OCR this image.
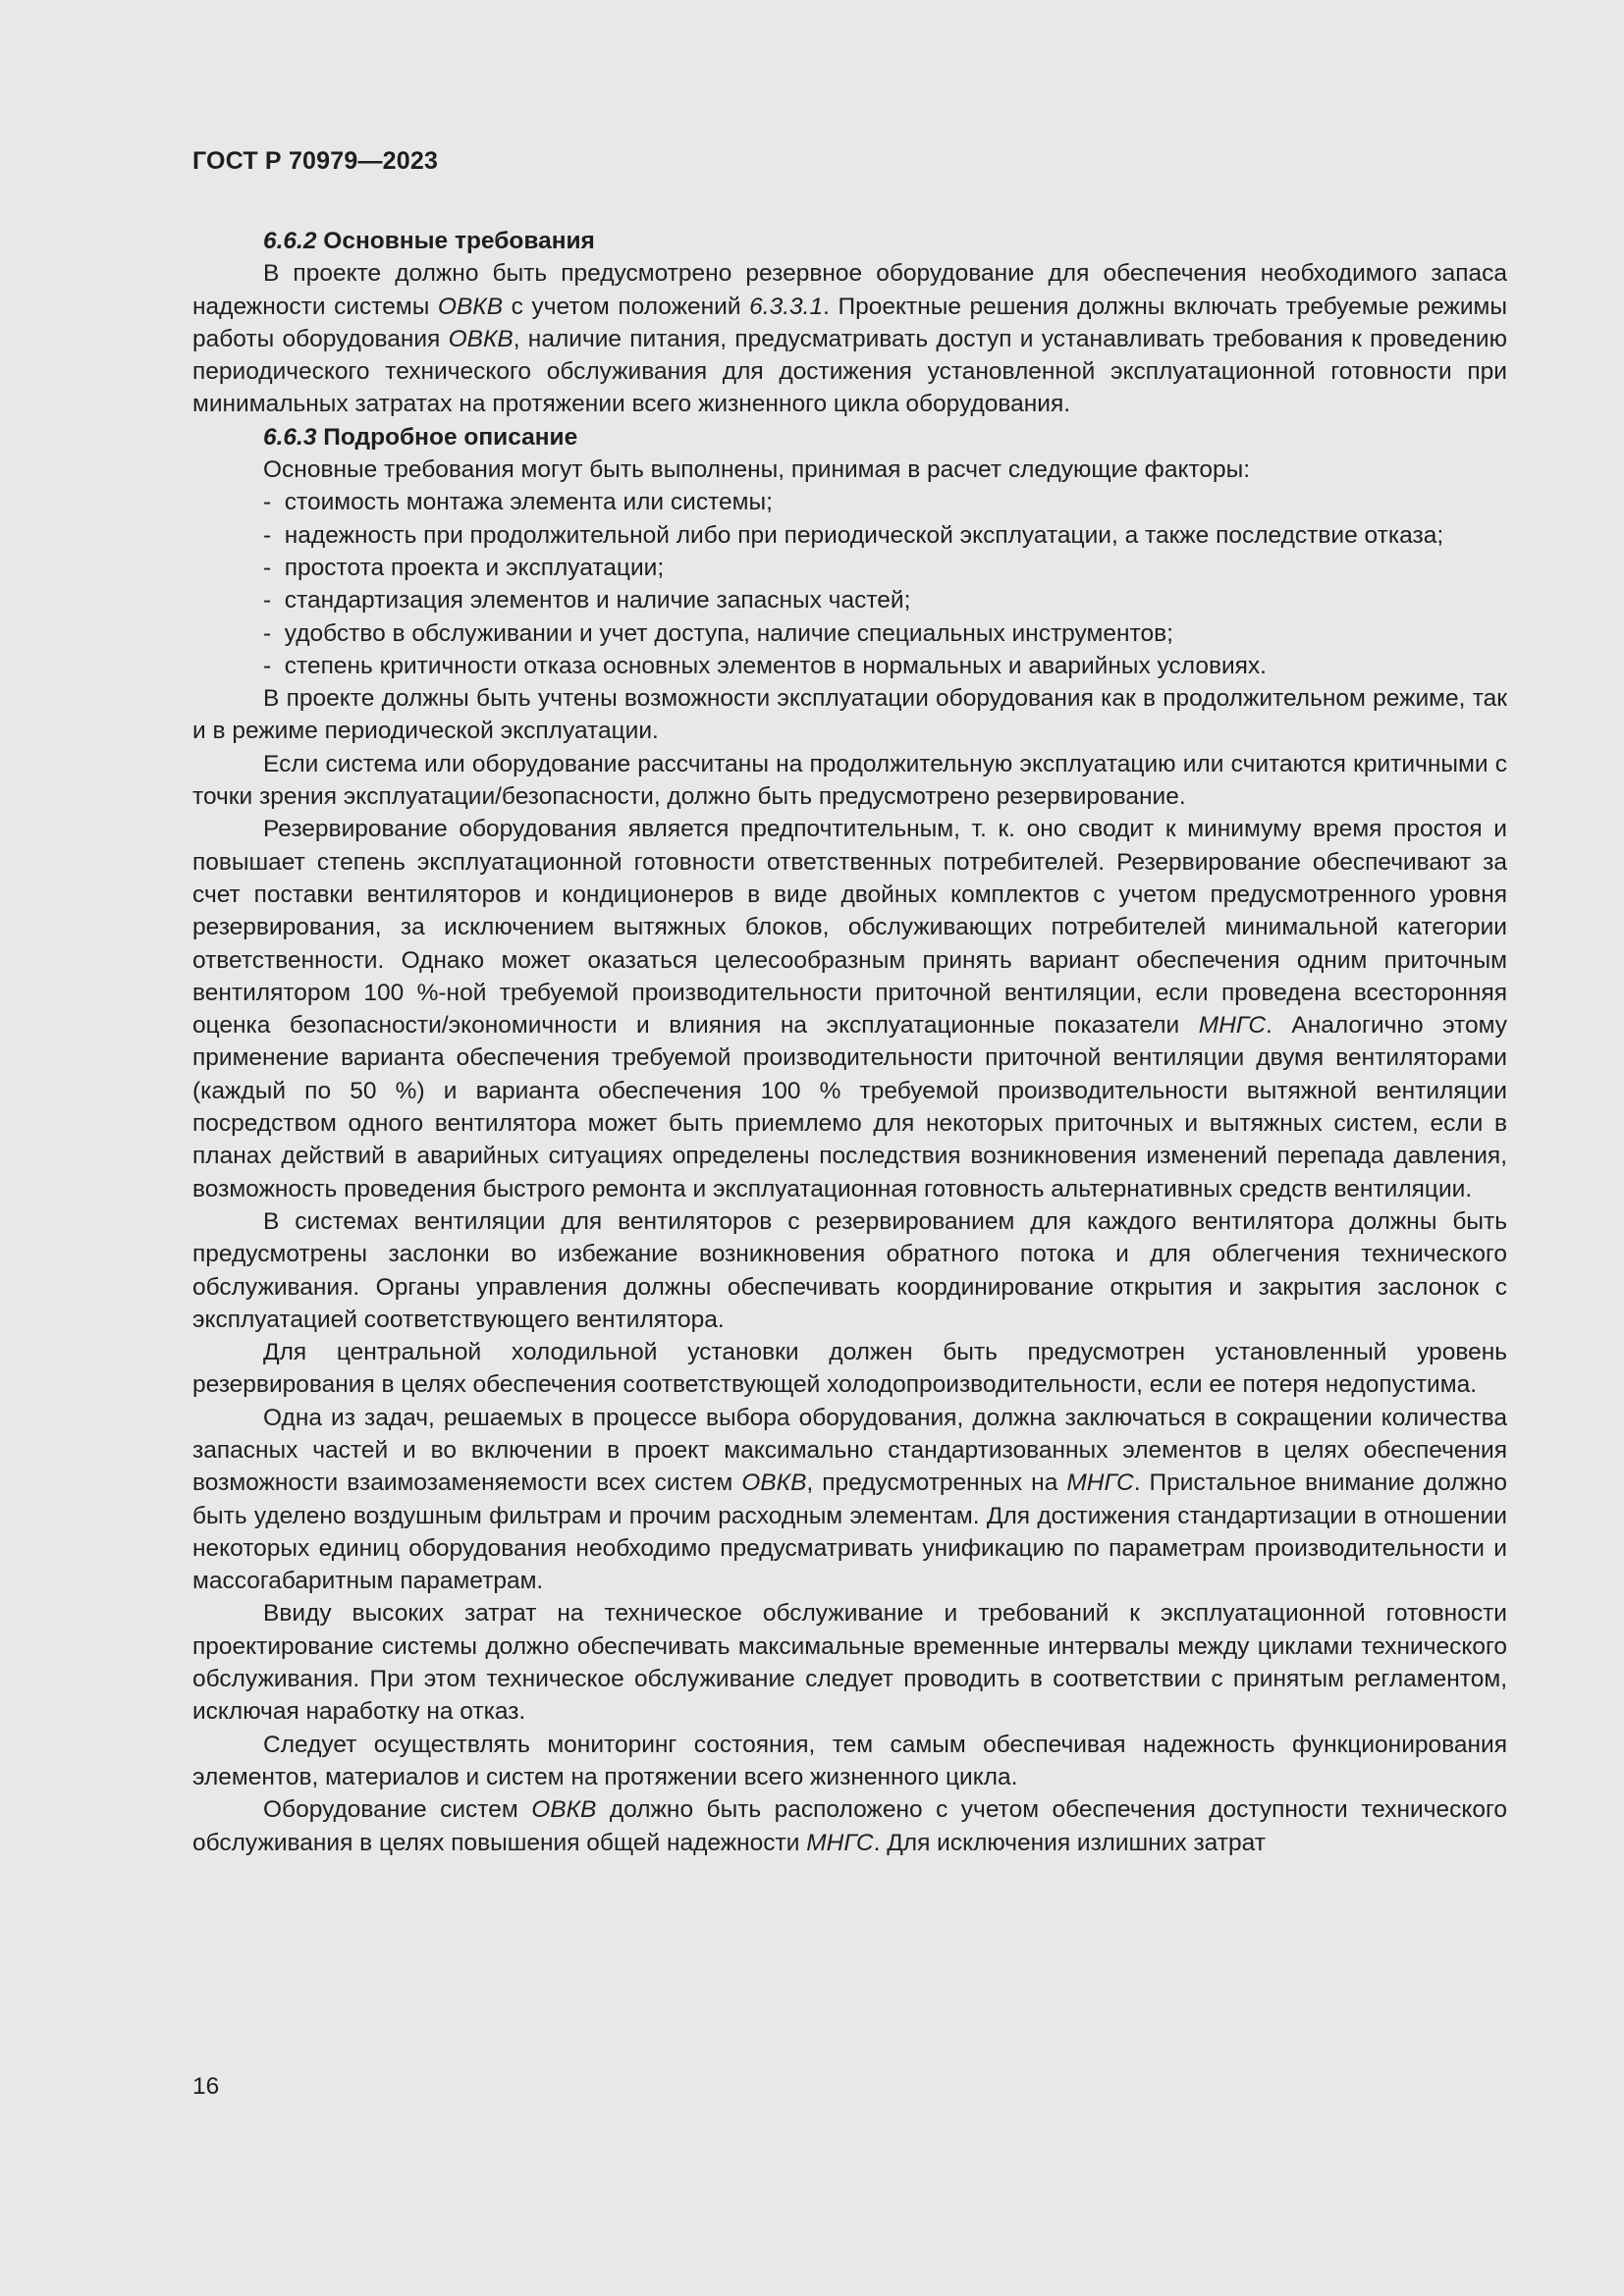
ГОСТ Р 70979—2023

6.6.2 Основные требования

В проекте должно быть предусмотрено резервное оборудование для обеспечения необходимого запаса надежности системы ОВКВ с учетом положений 6.3.3.1. Проектные решения должны включать требуемые режимы работы оборудования ОВКВ, наличие питания, предусматривать доступ и устанавливать требования к проведению периодического технического обслуживания для достижения установленной эксплуатационной готовности при минимальных затратах на протяжении всего жизненного цикла оборудования.

6.6.3 Подробное описание

Основные требования могут быть выполнены, принимая в расчет следующие факторы:

-  стоимость монтажа элемента или системы;
-  надежность при продолжительной либо при периодической эксплуатации, а также последствие отказа;
-  простота проекта и эксплуатации;
-  стандартизация элементов и наличие запасных частей;
-  удобство в обслуживании и учет доступа, наличие специальных инструментов;
-  степень критичности отказа основных элементов в нормальных и аварийных условиях.

В проекте должны быть учтены возможности эксплуатации оборудования как в продолжительном режиме, так и в режиме периодической эксплуатации.

Если система или оборудование рассчитаны на продолжительную эксплуатацию или считаются критичными с точки зрения эксплуатации/безопасности, должно быть предусмотрено резервирование.

Резервирование оборудования является предпочтительным, т. к. оно сводит к минимуму время простоя и повышает степень эксплуатационной готовности ответственных потребителей. Резервирование обеспечивают за счет поставки вентиляторов и кондиционеров в виде двойных комплектов с учетом предусмотренного уровня резервирования, за исключением вытяжных блоков, обслуживающих потребителей минимальной категории ответственности. Однако может оказаться целесообразным принять вариант обеспечения одним приточным вентилятором 100 %-ной требуемой производительности приточной вентиляции, если проведена всесторонняя оценка безопасности/экономичности и влияния на эксплуатационные показатели МНГС. Аналогично этому применение варианта обеспечения требуемой производительности приточной вентиляции двумя вентиляторами (каждый по 50 %) и варианта обеспечения 100 % требуемой производительности вытяжной вентиляции посредством одного вентилятора может быть приемлемо для некоторых приточных и вытяжных систем, если в планах действий в аварийных ситуациях определены последствия возникновения изменений перепада давления, возможность проведения быстрого ремонта и эксплуатационная готовность альтернативных средств вентиляции.

В системах вентиляции для вентиляторов с резервированием для каждого вентилятора должны быть предусмотрены заслонки во избежание возникновения обратного потока и для облегчения технического обслуживания. Органы управления должны обеспечивать координирование открытия и закрытия заслонок с эксплуатацией соответствующего вентилятора.

Для центральной холодильной установки должен быть предусмотрен установленный уровень резервирования в целях обеспечения соответствующей холодопроизводительности, если ее потеря недопустима.

Одна из задач, решаемых в процессе выбора оборудования, должна заключаться в сокращении количества запасных частей и во включении в проект максимально стандартизованных элементов в целях обеспечения возможности взаимозаменяемости всех систем ОВКВ, предусмотренных на МНГС. Пристальное внимание должно быть уделено воздушным фильтрам и прочим расходным элементам. Для достижения стандартизации в отношении некоторых единиц оборудования необходимо предусматривать унификацию по параметрам производительности и массогабаритным параметрам.

Ввиду высоких затрат на техническое обслуживание и требований к эксплуатационной готовности проектирование системы должно обеспечивать максимальные временные интервалы между циклами технического обслуживания. При этом техническое обслуживание следует проводить в соответствии с принятым регламентом, исключая наработку на отказ.

Следует осуществлять мониторинг состояния, тем самым обеспечивая надежность функционирования элементов, материалов и систем на протяжении всего жизненного цикла.

Оборудование систем ОВКВ должно быть расположено с учетом обеспечения доступности технического обслуживания в целях повышения общей надежности МНГС. Для исключения излишних затрат

16
